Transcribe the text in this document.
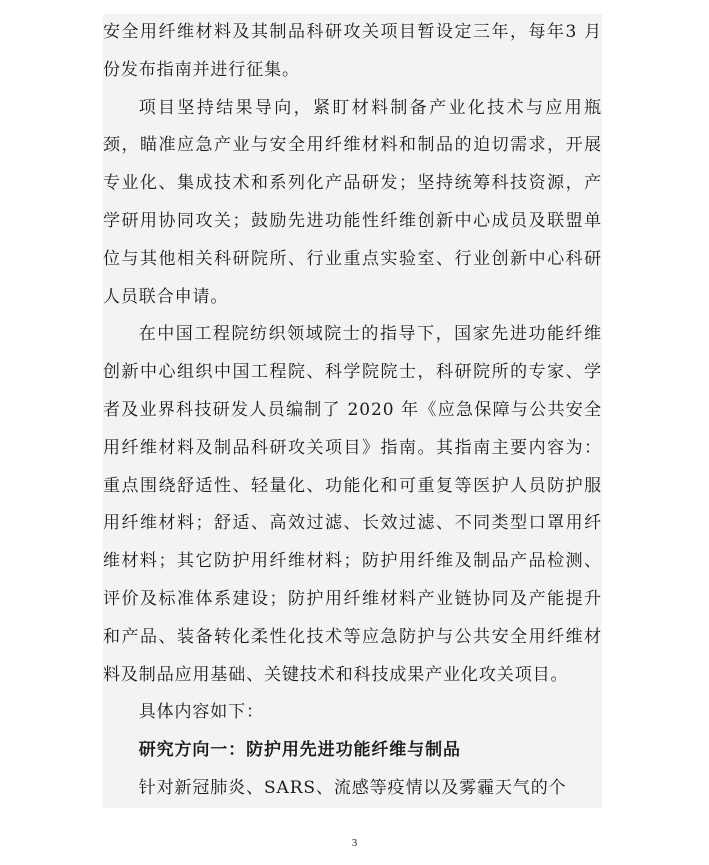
安全用纤维材料及其制品科研攻关项目暂设定三年，每年3 月份发布指南并进行征集。

项目坚持结果导向，紧盯材料制备产业化技术与应用瓶颈，瞄准应急产业与安全用纤维材料和制品的迫切需求，开展专业化、集成技术和系列化产品研发；坚持统筹科技资源，产学研用协同攻关；鼓励先进功能性纤维创新中心成员及联盟单位与其他相关科研院所、行业重点实验室、行业创新中心科研人员联合申请。

在中国工程院纺织领域院士的指导下，国家先进功能纤维创新中心组织中国工程院、科学院院士，科研院所的专家、学者及业界科技研发人员编制了 2020 年《应急保障与公共安全用纤维材料及制品科研攻关项目》指南。其指南主要内容为：重点围绕舒适性、轻量化、功能化和可重复等医护人员防护服用纤维材料；舒适、高效过滤、长效过滤、不同类型口罩用纤维材料；其它防护用纤维材料；防护用纤维及制品产品检测、评价及标准体系建设；防护用纤维材料产业链协同及产能提升和产品、装备转化柔性化技术等应急防护与公共安全用纤维材料及制品应用基础、关键技术和科技成果产业化攻关项目。

具体内容如下：

研究方向一：防护用先进功能纤维与制品

针对新冠肺炎、SARS、流感等疫情以及雾霾天气的个

3
